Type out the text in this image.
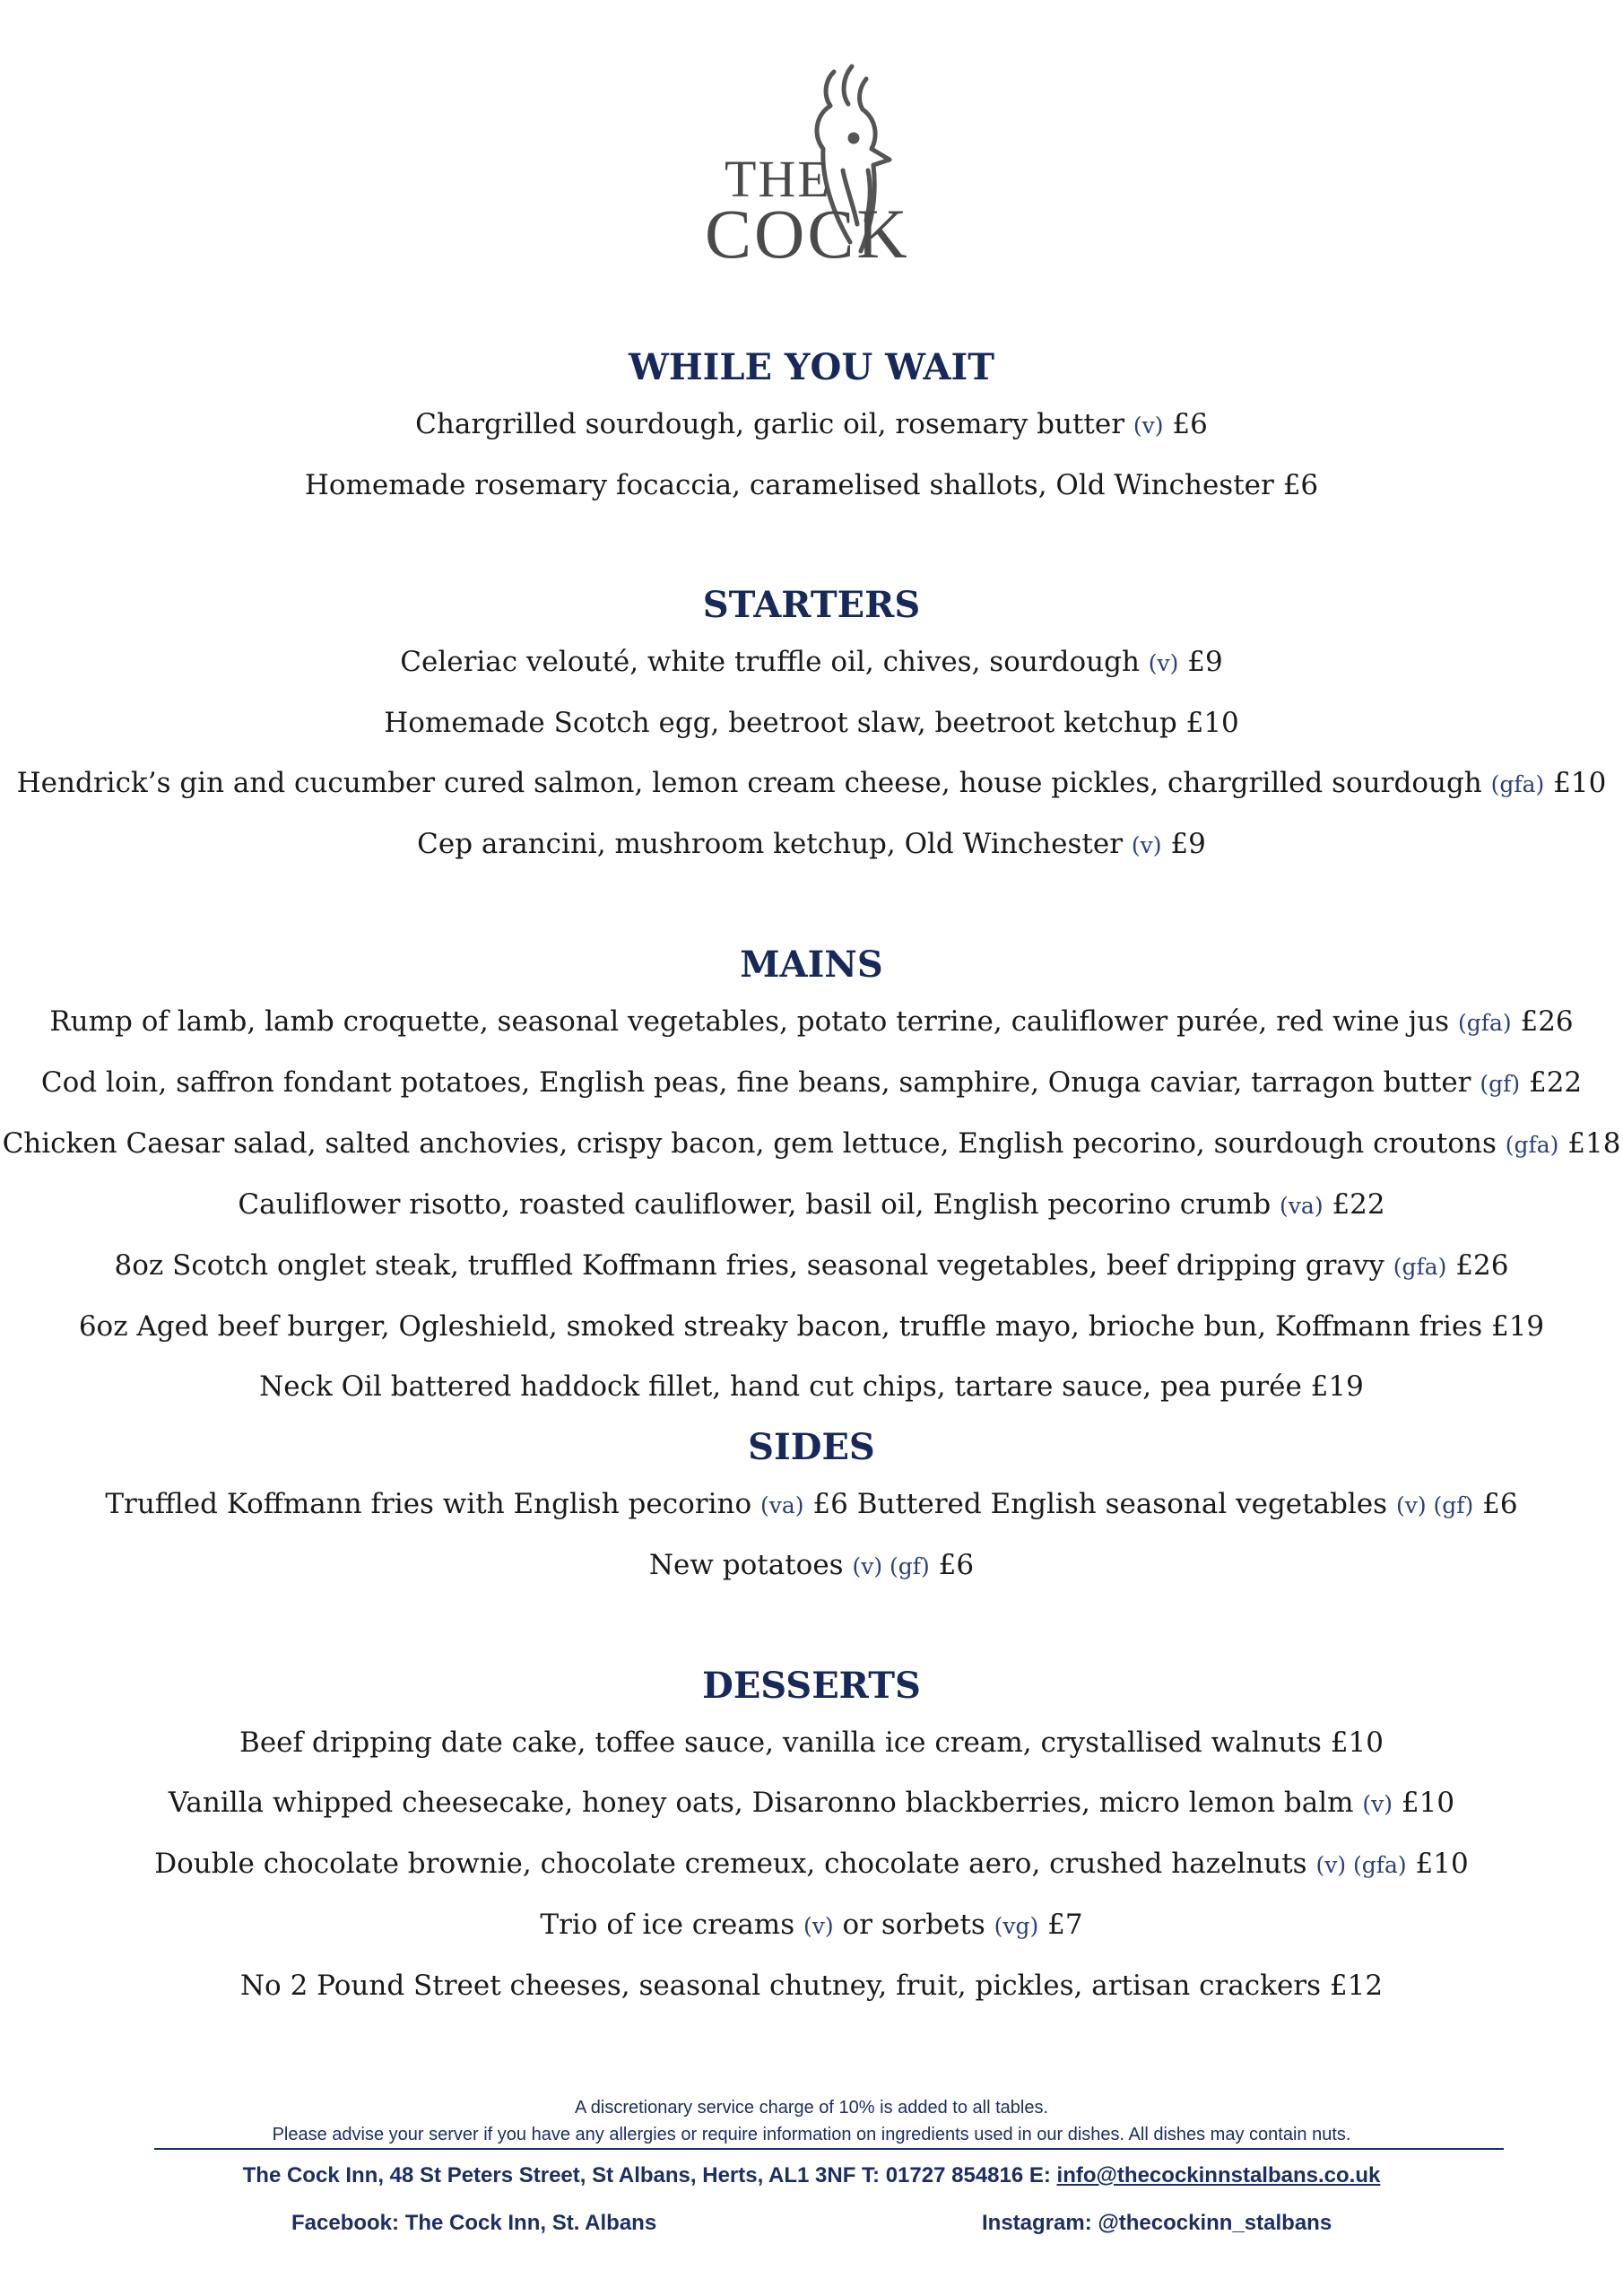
THE
COCK
WHILE YOU WAIT

Chargrilled sourdough, garlic oil, rosemary butter (v) £6

Homemade rosemary focaccia, caramelised shallots, Old Winchester £6

STARTERS

Celeriac velouté, white truffle oil, chives, sourdough (v) £9

Homemade Scotch egg, beetroot slaw, beetroot ketchup £10

Hendrick’s gin and cucumber cured salmon, lemon cream cheese, house pickles, chargrilled sourdough (gfa) £10

Cep arancini, mushroom ketchup, Old Winchester (v) £9

MAINS

Rump of lamb, lamb croquette, seasonal vegetables, potato terrine, cauliflower purée, red wine jus (gfa) £26

Cod loin, saffron fondant potatoes, English peas, fine beans, samphire, Onuga caviar, tarragon butter (gf) £22

Chicken Caesar salad, salted anchovies, crispy bacon, gem lettuce, English pecorino, sourdough croutons (gfa) £18

Cauliflower risotto, roasted cauliflower, basil oil, English pecorino crumb (va) £22

8oz Scotch onglet steak, truffled Koffmann fries, seasonal vegetables, beef dripping gravy (gfa) £26

6oz Aged beef burger, Ogleshield, smoked streaky bacon, truffle mayo, brioche bun, Koffmann fries £19

Neck Oil battered haddock fillet, hand cut chips, tartare sauce, pea purée £19

SIDES

Truffled Koffmann fries with English pecorino (va) £6 Buttered English seasonal vegetables (v) (gf) £6

New potatoes (v) (gf) £6

DESSERTS

Beef dripping date cake, toffee sauce, vanilla ice cream, crystallised walnuts £10

Vanilla whipped cheesecake, honey oats, Disaronno blackberries, micro lemon balm (v) £10

Double chocolate brownie, chocolate cremeux, chocolate aero, crushed hazelnuts (v) (gfa) £10

Trio of ice creams (v) or sorbets (vg) £7

No 2 Pound Street cheeses, seasonal chutney, fruit, pickles, artisan crackers £12

A discretionary service charge of 10% is added to all tables.

Please advise your server if you have any allergies or require information on ingredients used in our dishes. All dishes may contain nuts.

The Cock Inn, 48 St Peters Street, St Albans, Herts, AL1 3NF T: 01727 854816 E: info@thecockinnstalbans.co.uk
Facebook: The Cock Inn, St. Albans	Instagram: @thecockinn_stalbans
